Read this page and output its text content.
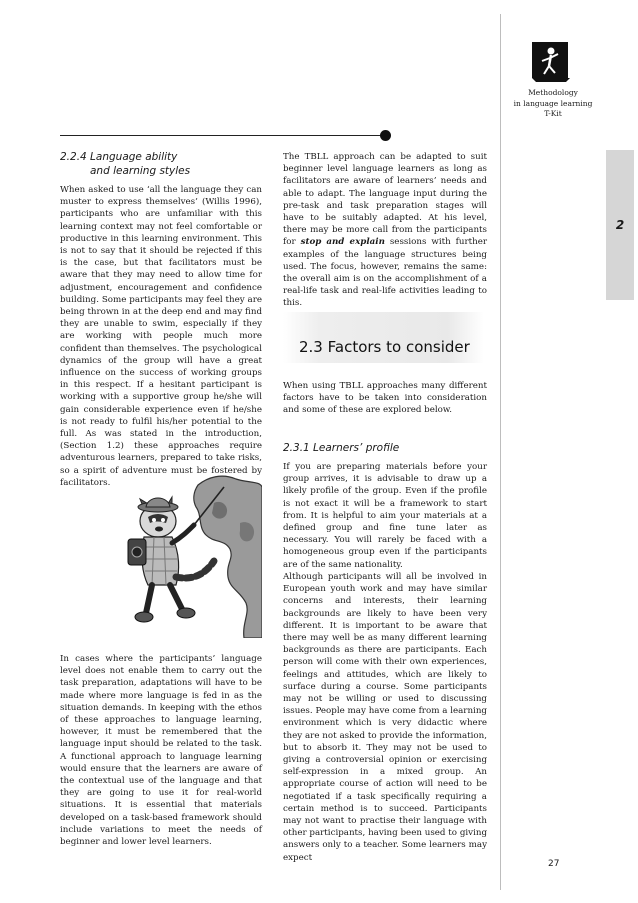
Methodology
in language learning
T-Kit
2
27
2.2.4 Language ability
and learning styles

When asked to use ‘all the language they can muster to express themselves’ (Willis 1996), participants who are unfamiliar with this learning context may not feel comfortable or productive in this learning environment. This is not to say that it should be rejected if this is the case, but that facilitators must be aware that they may need to allow time for adjustment, encouragement and confidence building. Some participants may feel they are being thrown in at the deep end and may find they are unable to swim, especially if they are working with people much more confident than themselves. The psychological dynamics of the group will have a great influence on the success of working groups in this respect. If a hesitant participant is working with a supportive group he/she will gain considerable experience even if he/she is not ready to fulfil his/her potential to the full. As was stated in the introduction, (Section 1.2) these approaches require adventurous learners, prepared to take risks, so a spirit of adventure must be fostered by facilitators.

In cases where the participants’ language level does not enable them to carry out the task preparation, adaptations will have to be made where more language is fed in as the situation demands. In keeping with the ethos of these approaches to language learning, however, it must be remembered that the language input should be related to the task. A functional approach to language learning would ensure that the learners are aware of the contextual use of the language and that they are going to use it for real-world situations. It is essential that materials developed on a task-based framework should include variations to meet the needs of beginner and lower level learners.

The TBLL approach can be adapted to suit beginner level language learners as long as facilitators are aware of learners’ needs and able to adapt. The language input during the pre-task and task preparation stages will have to be suitably adapted. At his level, there may be more call from the participants for stop and explain sessions with further examples of the language structures being used. The focus, however, remains the same: the overall aim is on the accomplishment of a real-life task and real-life activities leading to this.

2.3 Factors to consider

When using TBLL approaches many different factors have to be taken into consideration and some of these are explored below.

2.3.1 Learners’ profile

If you are preparing materials before your group arrives, it is advisable to draw up a likely profile of the group. Even if the profile is not exact it will be a framework to start from. It is helpful to aim your materials at a defined group and fine tune later as necessary. You will rarely be faced with a homogeneous group even if the participants are of the same nationality.

Although participants will all be involved in European youth work and may have similar concerns and interests, their learning backgrounds are likely to have been very different. It is important to be aware that there may well be as many different learning backgrounds as there are participants. Each person will come with their own experiences, feelings and attitudes, which are likely to surface during a course. Some participants may not be willing or used to discussing issues. People may have come from a learning environment which is very didactic where they are not asked to provide the information, but to absorb it. They may not be used to giving a controversial opinion or exercising self-expression in a mixed group. An appropriate course of action will need to be negotiated if a task specifically requiring a certain method is to succeed. Participants may not want to practise their language with other participants, having been used to giving answers only to a teacher. Some learners may expect
